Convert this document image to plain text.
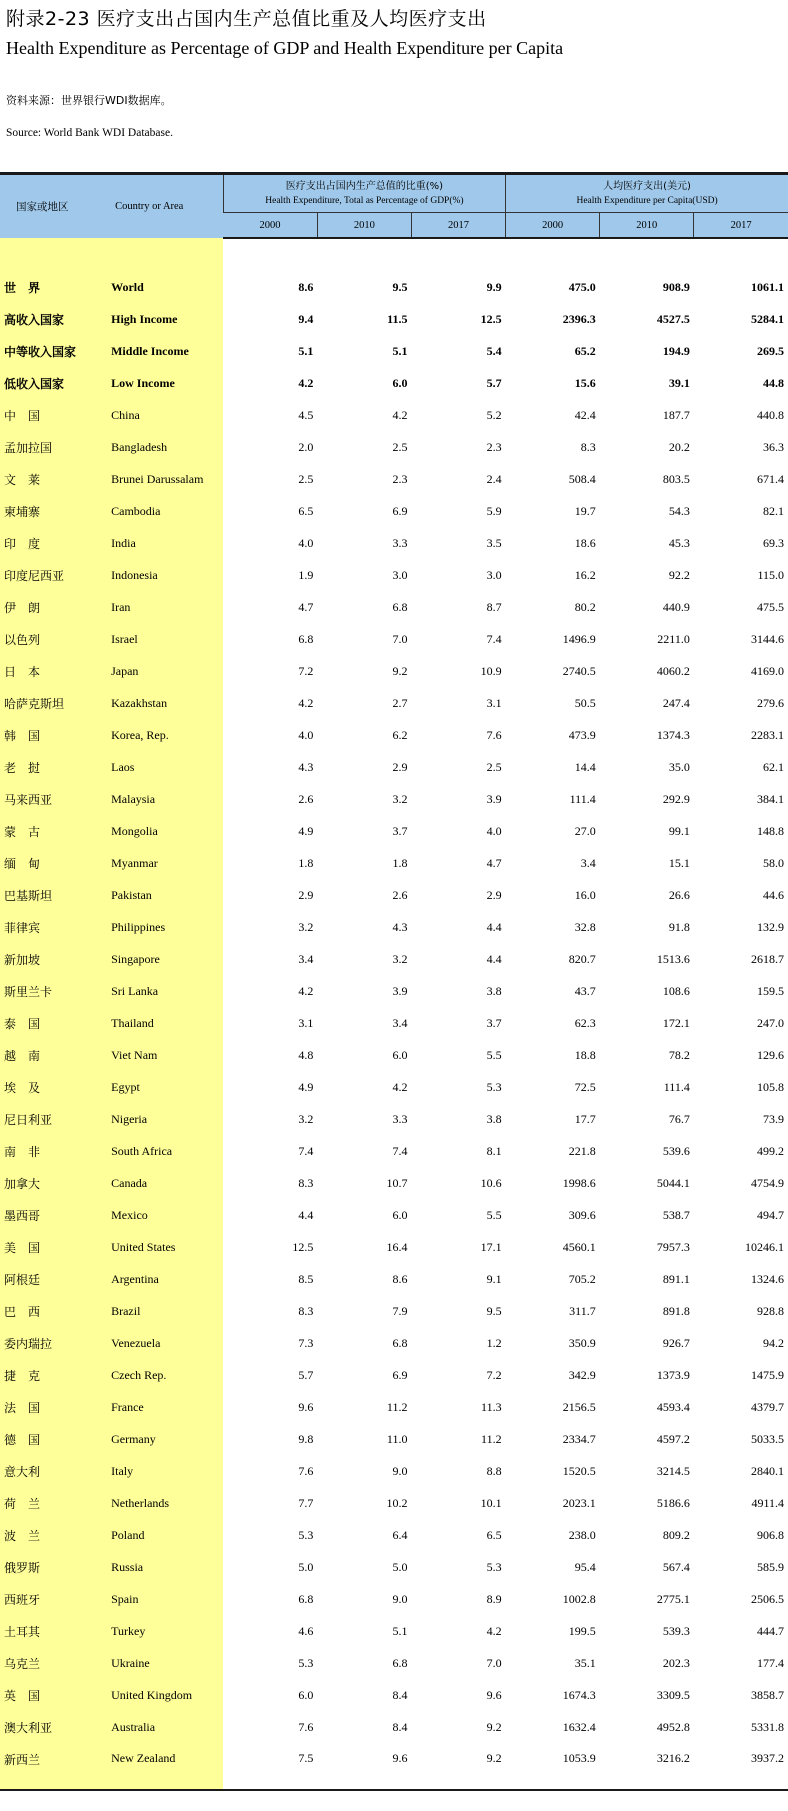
附录2-23 医疗支出占国内生产总值比重及人均医疗支出
Health Expenditure as Percentage of GDP and Health Expenditure per Capita
资料来源：世界银行WDI数据库。
Source: World Bank WDI Database.
国家或地区	Country or Area	医疗支出占国内生产总值的比重(%)
Health Expenditure, Total as Percentage of GDP(%)			人均医疗支出(美元)
Health Expenditure per Capita(USD)		

		2000	2010	2017	2000	2010	2017

世　界	World	8.6	9.5	9.9	475.0	908.9	1061.1
高收入国家	High Income	9.4	11.5	12.5	2396.3	4527.5	5284.1
中等收入国家	Middle Income	5.1	5.1	5.4	65.2	194.9	269.5
低收入国家	Low Income	4.2	6.0	5.7	15.6	39.1	44.8
中　国	China	4.5	4.2	5.2	42.4	187.7	440.8
孟加拉国	Bangladesh	2.0	2.5	2.3	8.3	20.2	36.3
文　莱	Brunei Darussalam	2.5	2.3	2.4	508.4	803.5	671.4
柬埔寨	Cambodia	6.5	6.9	5.9	19.7	54.3	82.1
印　度	India	4.0	3.3	3.5	18.6	45.3	69.3
印度尼西亚	Indonesia	1.9	3.0	3.0	16.2	92.2	115.0
伊　朗	Iran	4.7	6.8	8.7	80.2	440.9	475.5
以色列	Israel	6.8	7.0	7.4	1496.9	2211.0	3144.6
日　本	Japan	7.2	9.2	10.9	2740.5	4060.2	4169.0
哈萨克斯坦	Kazakhstan	4.2	2.7	3.1	50.5	247.4	279.6
韩　国	Korea, Rep.	4.0	6.2	7.6	473.9	1374.3	2283.1
老　挝	Laos	4.3	2.9	2.5	14.4	35.0	62.1
马来西亚	Malaysia	2.6	3.2	3.9	111.4	292.9	384.1
蒙　古	Mongolia	4.9	3.7	4.0	27.0	99.1	148.8
缅　甸	Myanmar	1.8	1.8	4.7	3.4	15.1	58.0
巴基斯坦	Pakistan	2.9	2.6	2.9	16.0	26.6	44.6
菲律宾	Philippines	3.2	4.3	4.4	32.8	91.8	132.9
新加坡	Singapore	3.4	3.2	4.4	820.7	1513.6	2618.7
斯里兰卡	Sri Lanka	4.2	3.9	3.8	43.7	108.6	159.5
泰　国	Thailand	3.1	3.4	3.7	62.3	172.1	247.0
越　南	Viet Nam	4.8	6.0	5.5	18.8	78.2	129.6
埃　及	Egypt	4.9	4.2	5.3	72.5	111.4	105.8
尼日利亚	Nigeria	3.2	3.3	3.8	17.7	76.7	73.9
南　非	South Africa	7.4	7.4	8.1	221.8	539.6	499.2
加拿大	Canada	8.3	10.7	10.6	1998.6	5044.1	4754.9
墨西哥	Mexico	4.4	6.0	5.5	309.6	538.7	494.7
美　国	United States	12.5	16.4	17.1	4560.1	7957.3	10246.1
阿根廷	Argentina	8.5	8.6	9.1	705.2	891.1	1324.6
巴　西	Brazil	8.3	7.9	9.5	311.7	891.8	928.8
委内瑞拉	Venezuela	7.3	6.8	1.2	350.9	926.7	94.2
捷　克	Czech Rep.	5.7	6.9	7.2	342.9	1373.9	1475.9
法　国	France	9.6	11.2	11.3	2156.5	4593.4	4379.7
德　国	Germany	9.8	11.0	11.2	2334.7	4597.2	5033.5
意大利	Italy	7.6	9.0	8.8	1520.5	3214.5	2840.1
荷　兰	Netherlands	7.7	10.2	10.1	2023.1	5186.6	4911.4
波　兰	Poland	5.3	6.4	6.5	238.0	809.2	906.8
俄罗斯	Russia	5.0	5.0	5.3	95.4	567.4	585.9
西班牙	Spain	6.8	9.0	8.9	1002.8	2775.1	2506.5
土耳其	Turkey	4.6	5.1	4.2	199.5	539.3	444.7
乌克兰	Ukraine	5.3	6.8	7.0	35.1	202.3	177.4
英　国	United Kingdom	6.0	8.4	9.6	1674.3	3309.5	3858.7
澳大利亚	Australia	7.6	8.4	9.2	1632.4	4952.8	5331.8
新西兰	New Zealand	7.5	9.6	9.2	1053.9	3216.2	3937.2
